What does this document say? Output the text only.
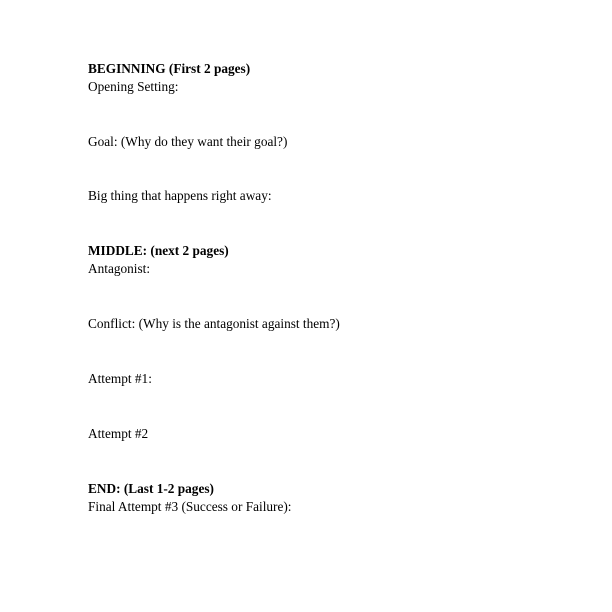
BEGINNING (First 2 pages)
Opening Setting:
Goal: (Why do they want their goal?)
Big thing that happens right away:
MIDDLE: (next 2 pages)
Antagonist:
Conflict: (Why is the antagonist against them?)
Attempt #1:
Attempt #2
END: (Last 1-2 pages)
Final Attempt #3 (Success or Failure):
